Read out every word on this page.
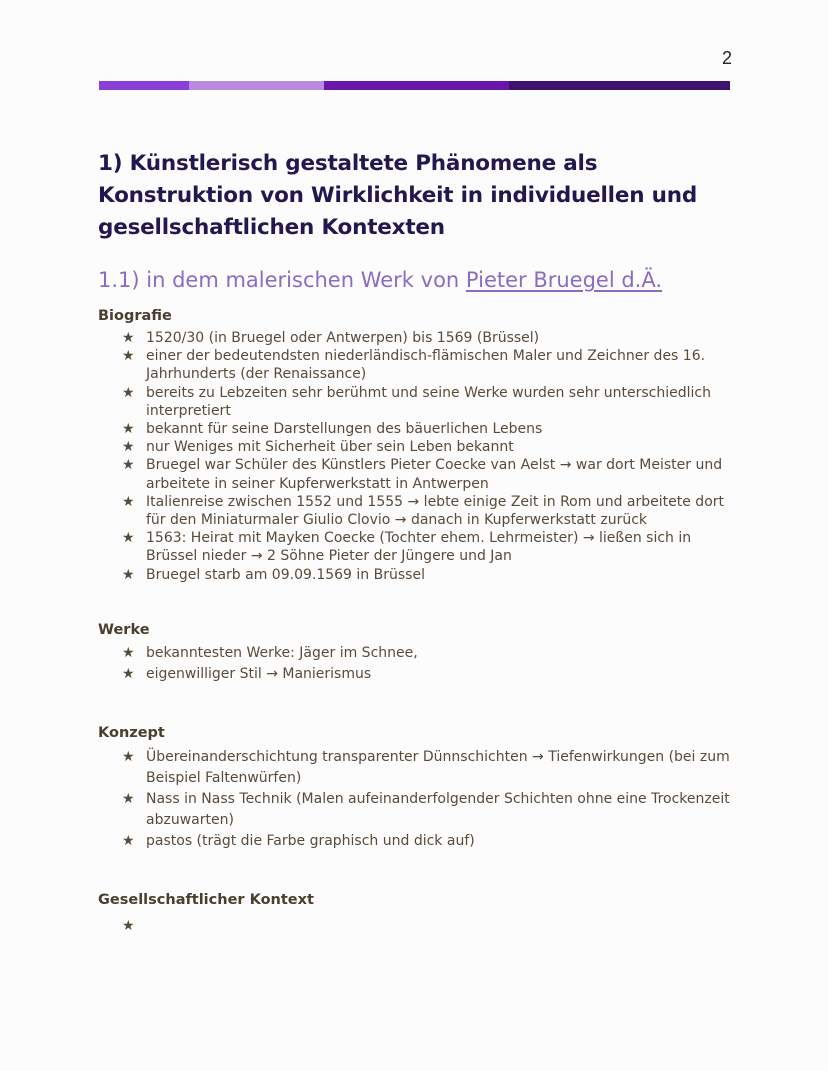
2
1) Künstlerisch gestaltete Phänomene als
Konstruktion von Wirklichkeit in individuellen und
gesellschaftlichen Kontexten
1.1) in dem malerischen Werk von Pieter Bruegel d.Ä.
Biografie
★ 1520/30 (in Bruegel oder Antwerpen) bis 1569 (Brüssel)
★ einer der bedeutendsten niederländisch-flämischen Maler und Zeichner des 16. Jahrhunderts (der Renaissance)
★ bereits zu Lebzeiten sehr berühmt und seine Werke wurden sehr unterschiedlich interpretiert
★ bekannt für seine Darstellungen des bäuerlichen Lebens
★ nur Weniges mit Sicherheit über sein Leben bekannt
★ Bruegel war Schüler des Künstlers Pieter Coecke van Aelst → war dort Meister und arbeitete in seiner Kupferwerkstatt in Antwerpen
★ Italienreise zwischen 1552 und 1555 → lebte einige Zeit in Rom und arbeitete dort für den Miniaturmaler Giulio Clovio → danach in Kupferwerkstatt zurück
★ 1563: Heirat mit Mayken Coecke (Tochter ehem. Lehrmeister) → ließen sich in Brüssel nieder → 2 Söhne Pieter der Jüngere und Jan
★ Bruegel starb am 09.09.1569 in Brüssel
Werke
★ bekanntesten Werke: Jäger im Schnee,
★ eigenwilliger Stil → Manierismus
Konzept
★ Übereinanderschichtung transparenter Dünnschichten → Tiefenwirkungen (bei zum Beispiel Faltenwürfen)
★ Nass in Nass Technik (Malen aufeinanderfolgender Schichten ohne eine Trockenzeit abzuwarten)
★ pastos (trägt die Farbe graphisch und dick auf)
Gesellschaftlicher Kontext
★
